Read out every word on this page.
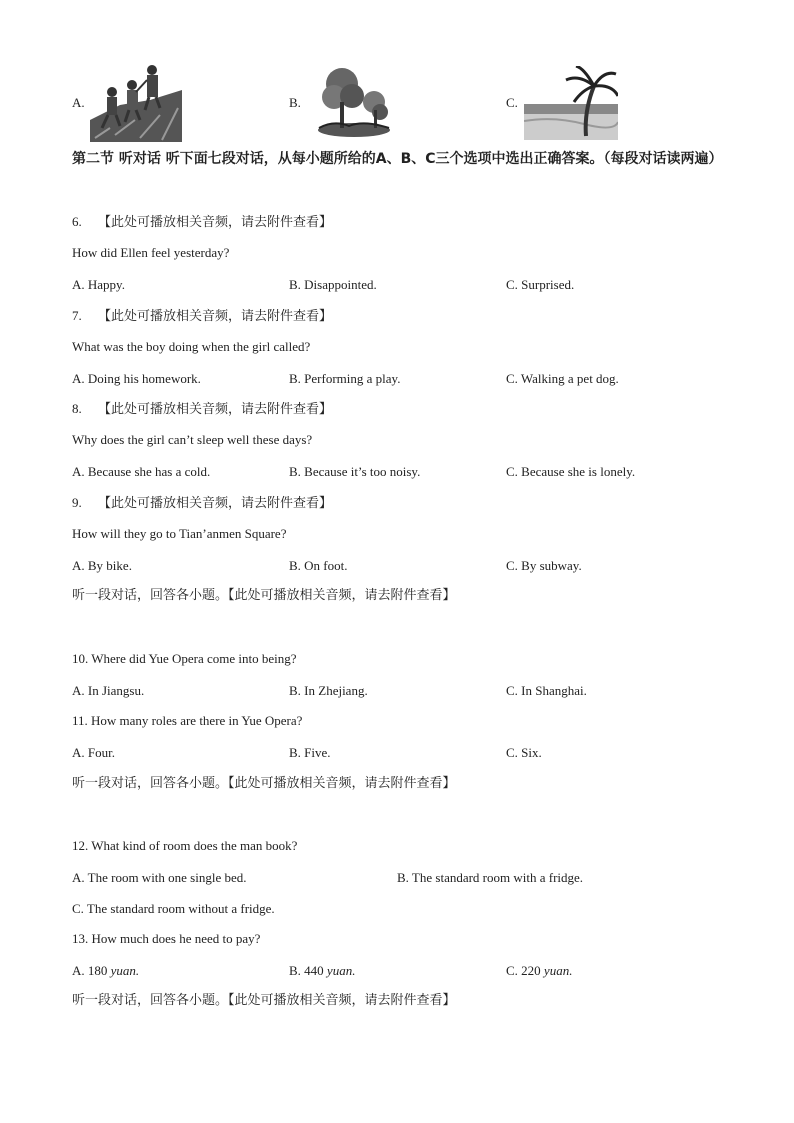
A.	B.	C.
第二节 听对话 听下面七段对话，从每小题所给的A、B、C三个选项中选出正确答案。（每段对话读两遍）
6. 【此处可播放相关音频，请去附件查看】
How did Ellen feel yesterday?
A. Happy.	B. Disappointed.	C. Surprised.
7. 【此处可播放相关音频，请去附件查看】
What was the boy doing when the girl called?
A. Doing his homework.	B. Performing a play.	C. Walking a pet dog.
8. 【此处可播放相关音频，请去附件查看】
Why does the girl can’t sleep well these days?
A. Because she has a cold.	B. Because it’s too noisy.	C. Because she is lonely.
9. 【此处可播放相关音频，请去附件查看】
How will they go to Tian’anmen Square?
A. By bike.	B. On foot.	C. By subway.
听一段对话，回答各小题。【此处可播放相关音频，请去附件查看】
10. Where did Yue Opera come into being?
A. In Jiangsu.	B. In Zhejiang.	C. In Shanghai.
11. How many roles are there in Yue Opera?
A. Four.	B. Five.	C. Six.
听一段对话，回答各小题。【此处可播放相关音频，请去附件查看】
12. What kind of room does the man book?
A. The room with one single bed.	B. The standard room with a fridge.
C. The standard room without a fridge.
13. How much does he need to pay?
A. 180 yuan.	B. 440 yuan.	C. 220 yuan.
听一段对话，回答各小题。【此处可播放相关音频，请去附件查看】
